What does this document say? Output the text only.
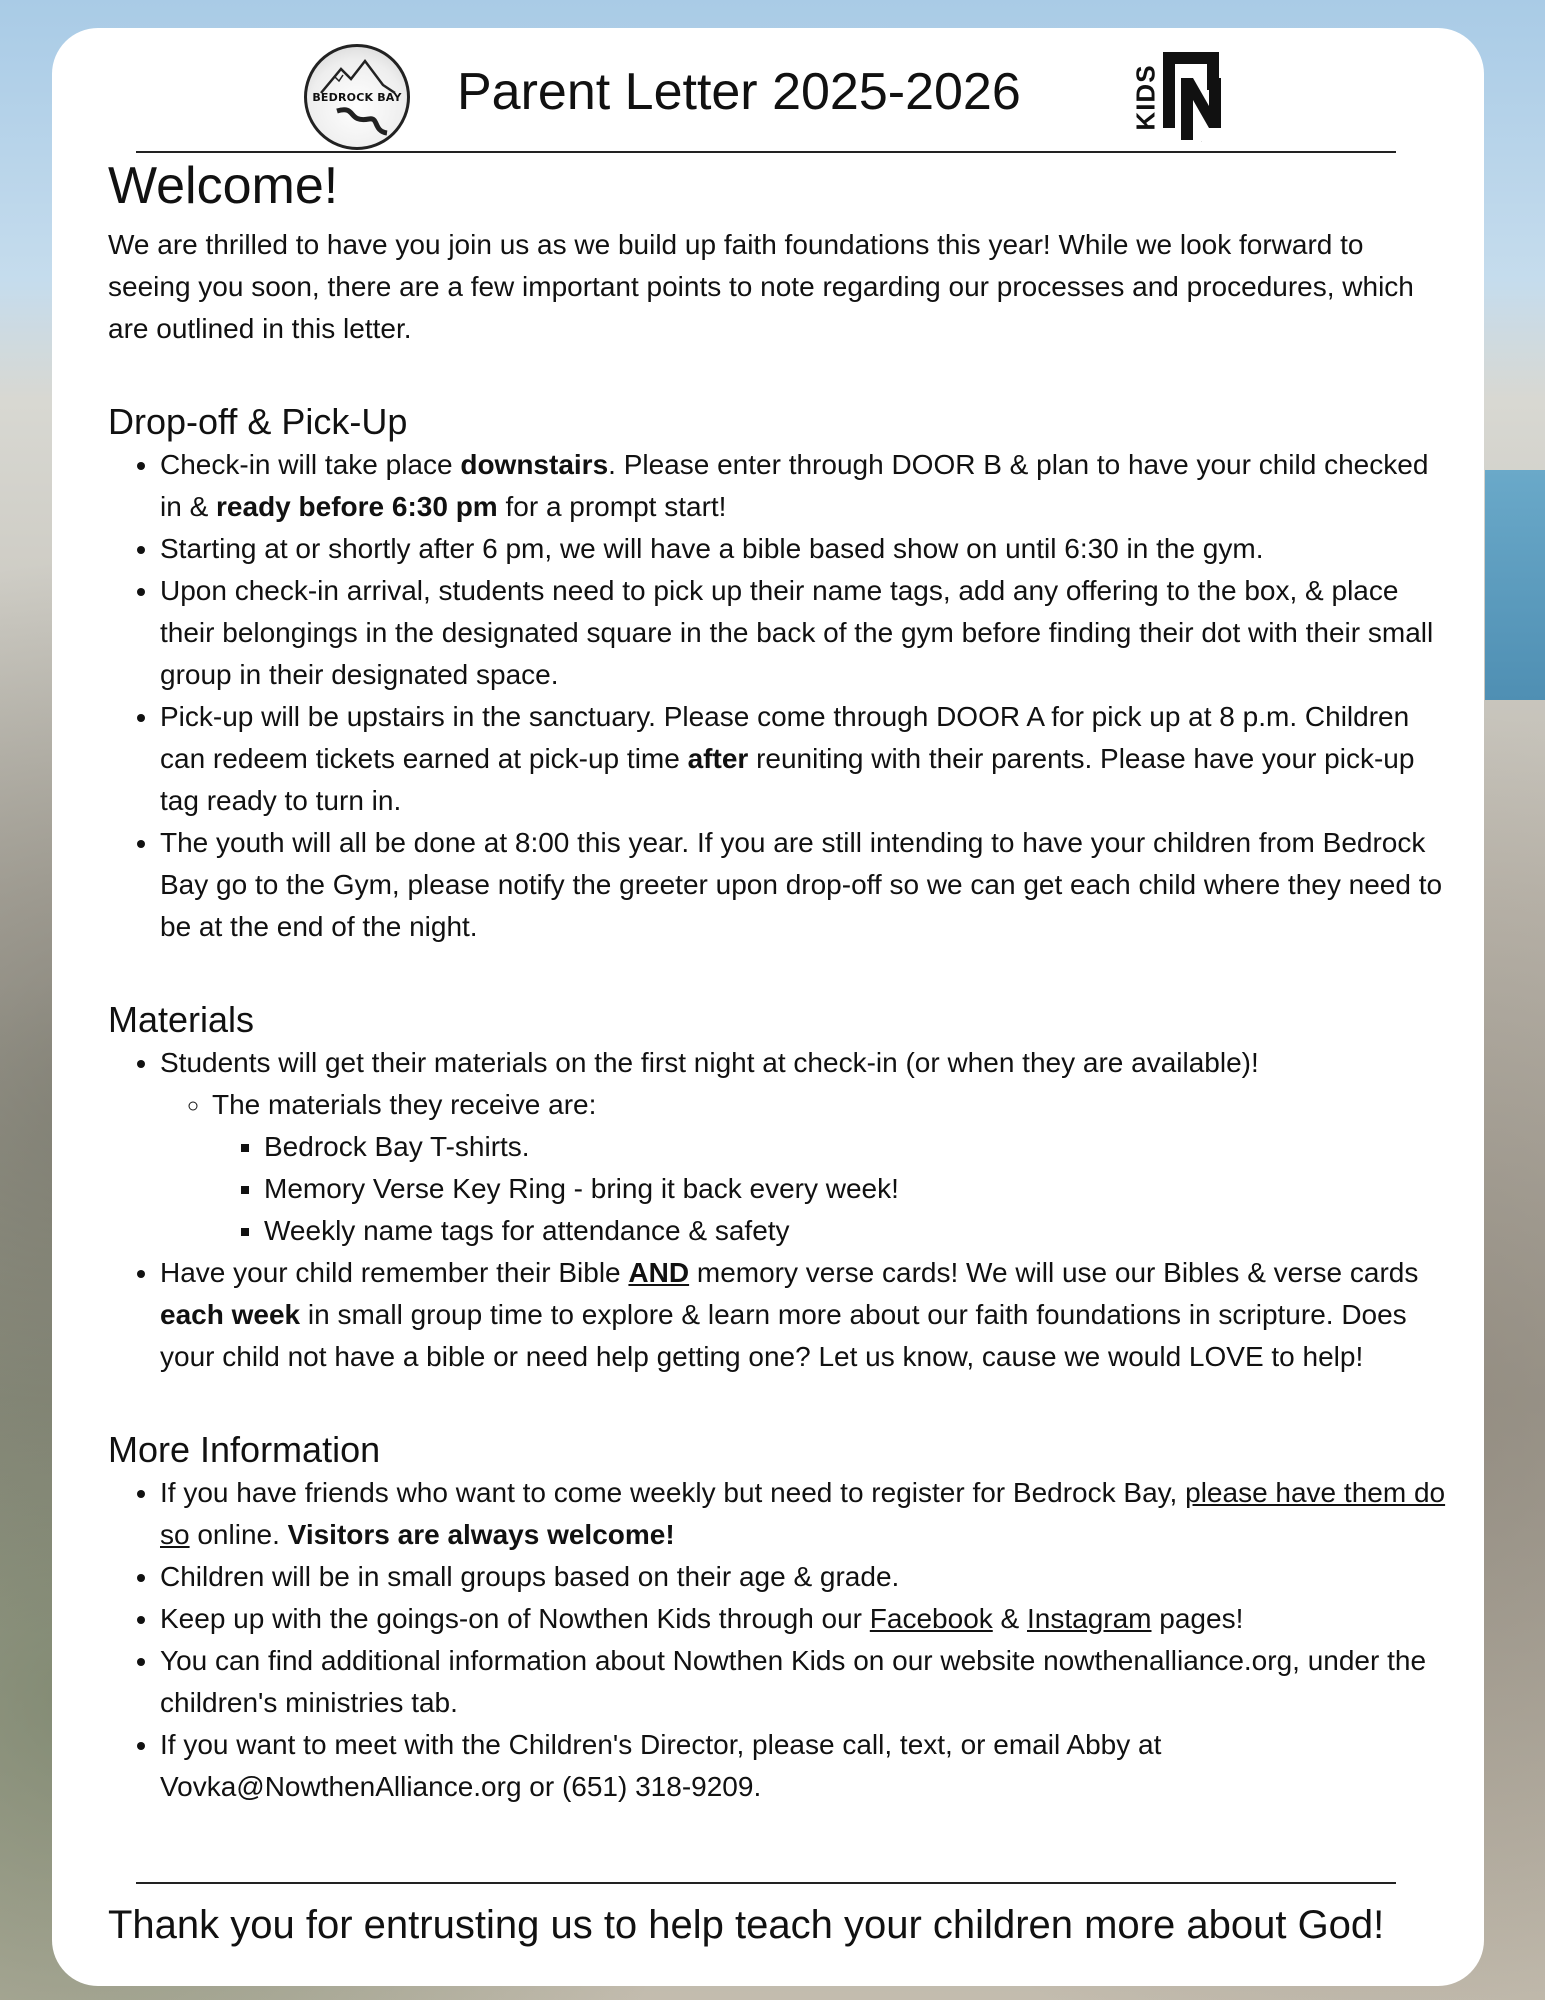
BEDROCK BAY Parent Letter 2025-2026	KIDS
N
Welcome!

We are thrilled to have you join us as we build up faith foundations this year! While we look forward to seeing you soon, there are a few important points to note regarding our processes and procedures, which are outlined in this letter.

Drop-off & Pick-Up
• Check-in will take place downstairs. Please enter through DOOR B & plan to have your child checked in & ready before 6:30 pm for a prompt start!
• Starting at or shortly after 6 pm, we will have a bible based show on until 6:30 in the gym.
• Upon check-in arrival, students need to pick up their name tags, add any offering to the box, & place their belongings in the designated square in the back of the gym before finding their dot with their small group in their designated space.
• Pick-up will be upstairs in the sanctuary. Please come through DOOR A for pick up at 8 p.m. Children can redeem tickets earned at pick-up time after reuniting with their parents. Please have your pick-up tag ready to turn in.
• The youth will all be done at 8:00 this year. If you are still intending to have your children from Bedrock Bay go to the Gym, please notify the greeter upon drop-off so we can get each child where they need to be at the end of the night.
Materials
• Students will get their materials on the first night at check-in (or when they are available)!
◦ The materials they receive are:
▪ Bedrock Bay T-shirts.
▪ Memory Verse Key Ring - bring it back every week!
▪ Weekly name tags for attendance & safety
• Have your child remember their Bible AND memory verse cards! We will use our Bibles & verse cards each week in small group time to explore & learn more about our faith foundations in scripture. Does your child not have a bible or need help getting one? Let us know, cause we would LOVE to help!
More Information
• If you have friends who want to come weekly but need to register for Bedrock Bay, please have them do so online. Visitors are always welcome!
• Children will be in small groups based on their age & grade.
• Keep up with the goings-on of Nowthen Kids through our Facebook & Instagram pages!
• You can find additional information about Nowthen Kids on our website nowthenalliance.org, under the children's ministries tab.
• If you want to meet with the Children's Director, please call, text, or email Abby at Vovka@NowthenAlliance.org or (651) 318-9209.
Thank you for entrusting us to help teach your children more about God!
